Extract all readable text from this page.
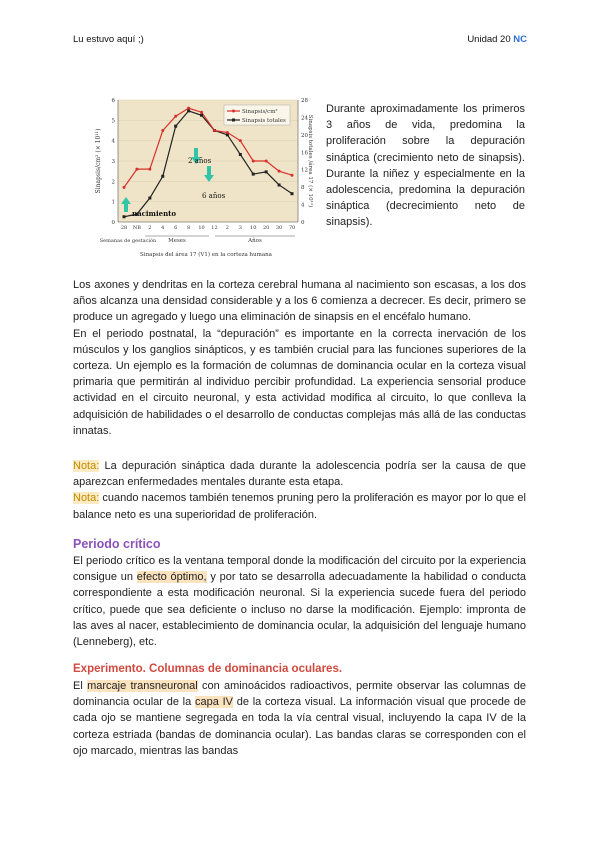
Lu estuvo aquí ;)	Unidad 20 NC
0
1
2
3
4
5
6
0
4
8
12
16
20
24
28
28 NB 2 4 6 8 10 12 2 3 10 20 30 70
Sinapsis/cm² (× 10¹¹)	Sinapsis totales /área 17 (× 10¹¹)
Sinapsis/cm²
Sinapsis totales
2 años
6 años
nacimiento
Semanas de gestación Meses	Años
Sinapsis del área 17 (V1) en la corteza humana
Durante aproximadamente los primeros 3 años de vida, predomina la proliferación sobre la depuración sináptica (crecimiento neto de sinapsis). Durante la niñez y especialmente en la adolescencia, predomina la depuración sináptica (decrecimiento neto de sinapsis).

Los axones y dendritas en la corteza cerebral humana al nacimiento son escasas, a los dos años alcanza una densidad considerable y a los 6 comienza a decrecer. Es decir, primero se produce un agregado y luego una eliminación de sinapsis en el encéfalo humano.

En el periodo postnatal, la “depuración” es importante en la correcta inervación de los músculos y los ganglios sinápticos, y es también crucial para las funciones superiores de la corteza. Un ejemplo es la formación de columnas de dominancia ocular en la corteza visual primaria que permitirán al individuo percibir profundidad. La experiencia sensorial produce actividad en el circuito neuronal, y esta actividad modifica al circuito, lo que conlleva la adquisición de habilidades o el desarrollo de conductas complejas más allá de las conductas innatas.

Nota: La depuración sináptica dada durante la adolescencia podría ser la causa de que aparezcan enfermedades mentales durante esta etapa.

Nota: cuando nacemos también tenemos pruning pero la proliferación es mayor por lo que el balance neto es una superioridad de proliferación.

Periodo crítico

El periodo crítico es la ventana temporal donde la modificación del circuito por la experiencia consigue un efecto óptimo, y por tato se desarrolla adecuadamente la habilidad o conducta correspondiente a esta modificación neuronal. Si la experiencia sucede fuera del periodo crítico, puede que sea deficiente o incluso no darse la modificación. Ejemplo: impronta de las aves al nacer, establecimiento de dominancia ocular, la adquisición del lenguaje humano (Lenneberg), etc.

Experimento. Columnas de dominancia oculares.

El marcaje transneuronal con aminoácidos radioactivos, permite observar las columnas de dominancia ocular de la capa IV de la corteza visual. La información visual que procede de cada ojo se mantiene segregada en toda la vía central visual, incluyendo la capa IV de la corteza estriada (bandas de dominancia ocular). Las bandas claras se corresponden con el ojo marcado, mientras las bandas
